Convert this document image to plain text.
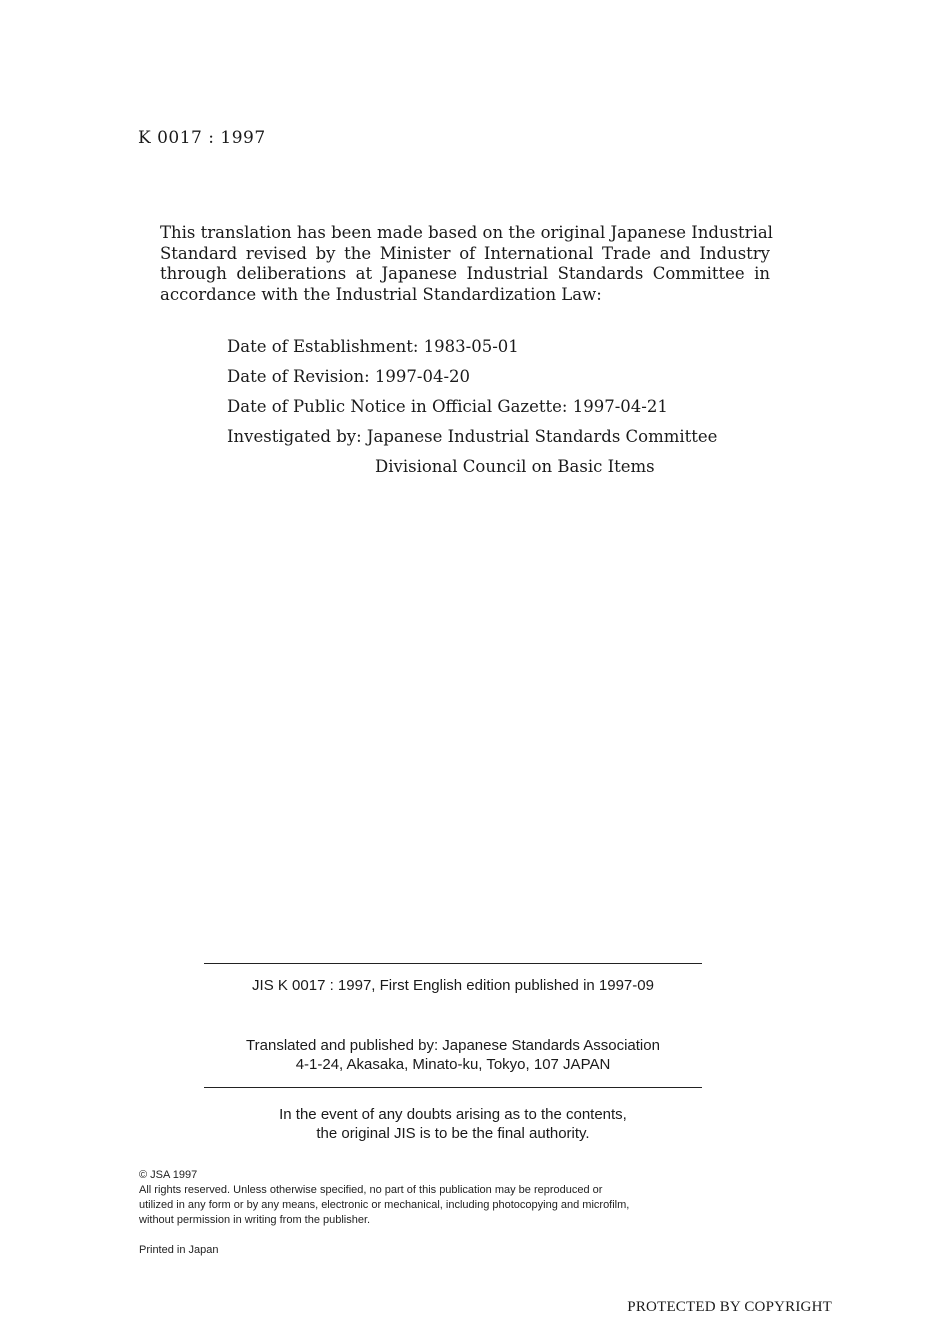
K 0017 : 1997
This translation has been made based on the original Japanese Industrial
Standard revised by the Minister of International Trade and Industry
through deliberations at Japanese Industrial Standards Committee in
accordance with the Industrial Standardization Law:
Date of Establishment: 1983-05-01
Date of Revision: 1997-04-20
Date of Public Notice in Official Gazette: 1997-04-21
Investigated by: Japanese Industrial Standards Committee
Divisional Council on Basic Items
JIS K 0017 : 1997, First English edition published in 1997-09
Translated and published by: Japanese Standards Association
4-1-24, Akasaka, Minato-ku, Tokyo, 107 JAPAN
In the event of any doubts arising as to the contents,
the original JIS is to be the final authority.
© JSA 1997
All rights reserved. Unless otherwise specified, no part of this publication may be reproduced or
utilized in any form or by any means, electronic or mechanical, including photocopying and microfilm,
without permission in writing from the publisher.
Printed in Japan
PROTECTED BY COPYRIGHT
